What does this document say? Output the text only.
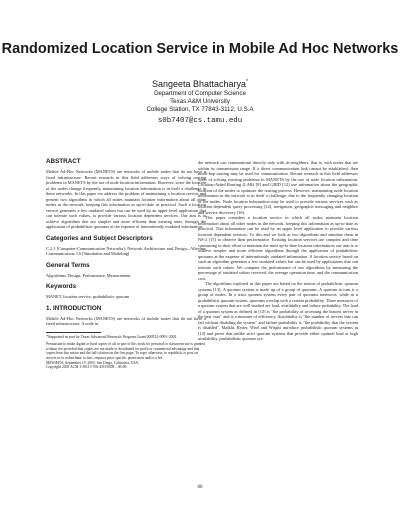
Randomized Location Service in Mobile Ad Hoc Networks
Sangeeta Bhattacharya*
Department of Computer Science
Texas A&M University
College Station, TX 77843-3112, U.S.A
s0b7407@cs.tamu.edu
ABSTRACT

Mobile Ad-Hoc Networks (MANETS) are networks of mobile nodes that do not have a fixed infrastructure. Recent research in this field addresses ways of solving routing problems in MANETS by the use of node location information. However, since the location of the nodes change frequently, maintaining location information is in itself a challenge in these networks. In this paper we address the problem of maintaining a location service and present two algorithms in which all nodes maintain location information about all other nodes in the network, keeping this information as up-to-date as practical. Such a location service generates a few outdated values but can be used by an upper level application that can tolerate such values, to provide various location dependent services. Our aim is to achieve algorithms that are simpler and more efficient than existing ones, through the application of probabilistic quorums at the expense of intermittently outdated information.

Categories and Subject Descriptors

C.2.1 [Computer-Communication Networks]: Network Architecture and Design—Wireless Communication; I.6 [Simulation and Modeling]

General Terms

Algorithms, Design, Performance, Measurement

Keywords

MANET, location service, probabilistic quorum

1. INTRODUCTION

Mobile Ad-Hoc Networks (MANETS) are networks of mobile nodes that do not have a fixed infrastructure. A node in

*Supported in part by Texas Advanced Research Program Grant 000512-0091-2001.

Permission to make digital or hard copies of all or part of this work for personal or classroom use is granted without fee provided that copies are not made or distributed for profit or commercial advantage and that copies bear this notice and the full citation on the first page. To copy otherwise, to republish, to post on servers or to redistribute to lists, requires prior specific permission and/or a fee.

MSWiM'03, September 19, 2003, San Diego, California, USA.

Copyright 2003 ACM 1-58113-766-4/03/0009 ...$5.00.

the network can communicate directly only with its neighbors, that is, with nodes that are within its transmission range. If a direct communication link cannot be established, then multi-hop routing may be used for communication. Recent research in this field addresses ways of solving existing problems in MANETS by the use of node location information. Location-Aided Routing (LAR) [9] and GRID [12] use information about the geographic location of the nodes to optimize the routing process. However, maintaining node location information in the network is in itself a challenge, due to the frequently changing location of the nodes. Node location information may be used to provide various services such as location dependent query processing [14], navigation, geographic messaging and neighbor and service discovery [16].

This paper considers a location service in which all nodes maintain location information about all other nodes in the network, keeping this information as up-to-date as practical. This information can be used by an upper level application to provide various location dependent services. To this end we look at two algorithms and simulate them in NS-2 [15] to observe their performance. Existing location services are complex and time consuming in their effort to maintain the most up-to-date location information; our aim is to achieve simpler and more efficient algorithms through the application of probabilistic quorums at the expense of intermittently outdated information. A location service based on such an algorithm generates a few outdated values but can be used by applications that can tolerate such values. We compare the performance of our algorithms by measuring the percentage of outdated values received, the average operation time, and the communication cost.

The algorithms explored in this paper are based on the notion of probabilistic quorum systems [13]. A quorum system is made up of a group of quorums. A quorum in turn is a group of nodes. In a strict quorum system every pair of quorums intersects, while in a probabilistic quorum system, quorums overlap with a certain probability. Three measures of a quorum system that are well studied are load, availability and failure probability. The load of a quorum system as defined in [13] is "the probability of accessing the busiest server in the best case" and is a measure of efficiency. Availability is "the number of servers that can fail without disabling the system" and failure probability is "the probability that the system is disabled". Malkhi, Reiter, Wool and Wright introduce probabilistic quorum systems in [13] and prove that unlike strict quorum systems that provide either optimal load or high availability, probabilistic quorum sys-

66
